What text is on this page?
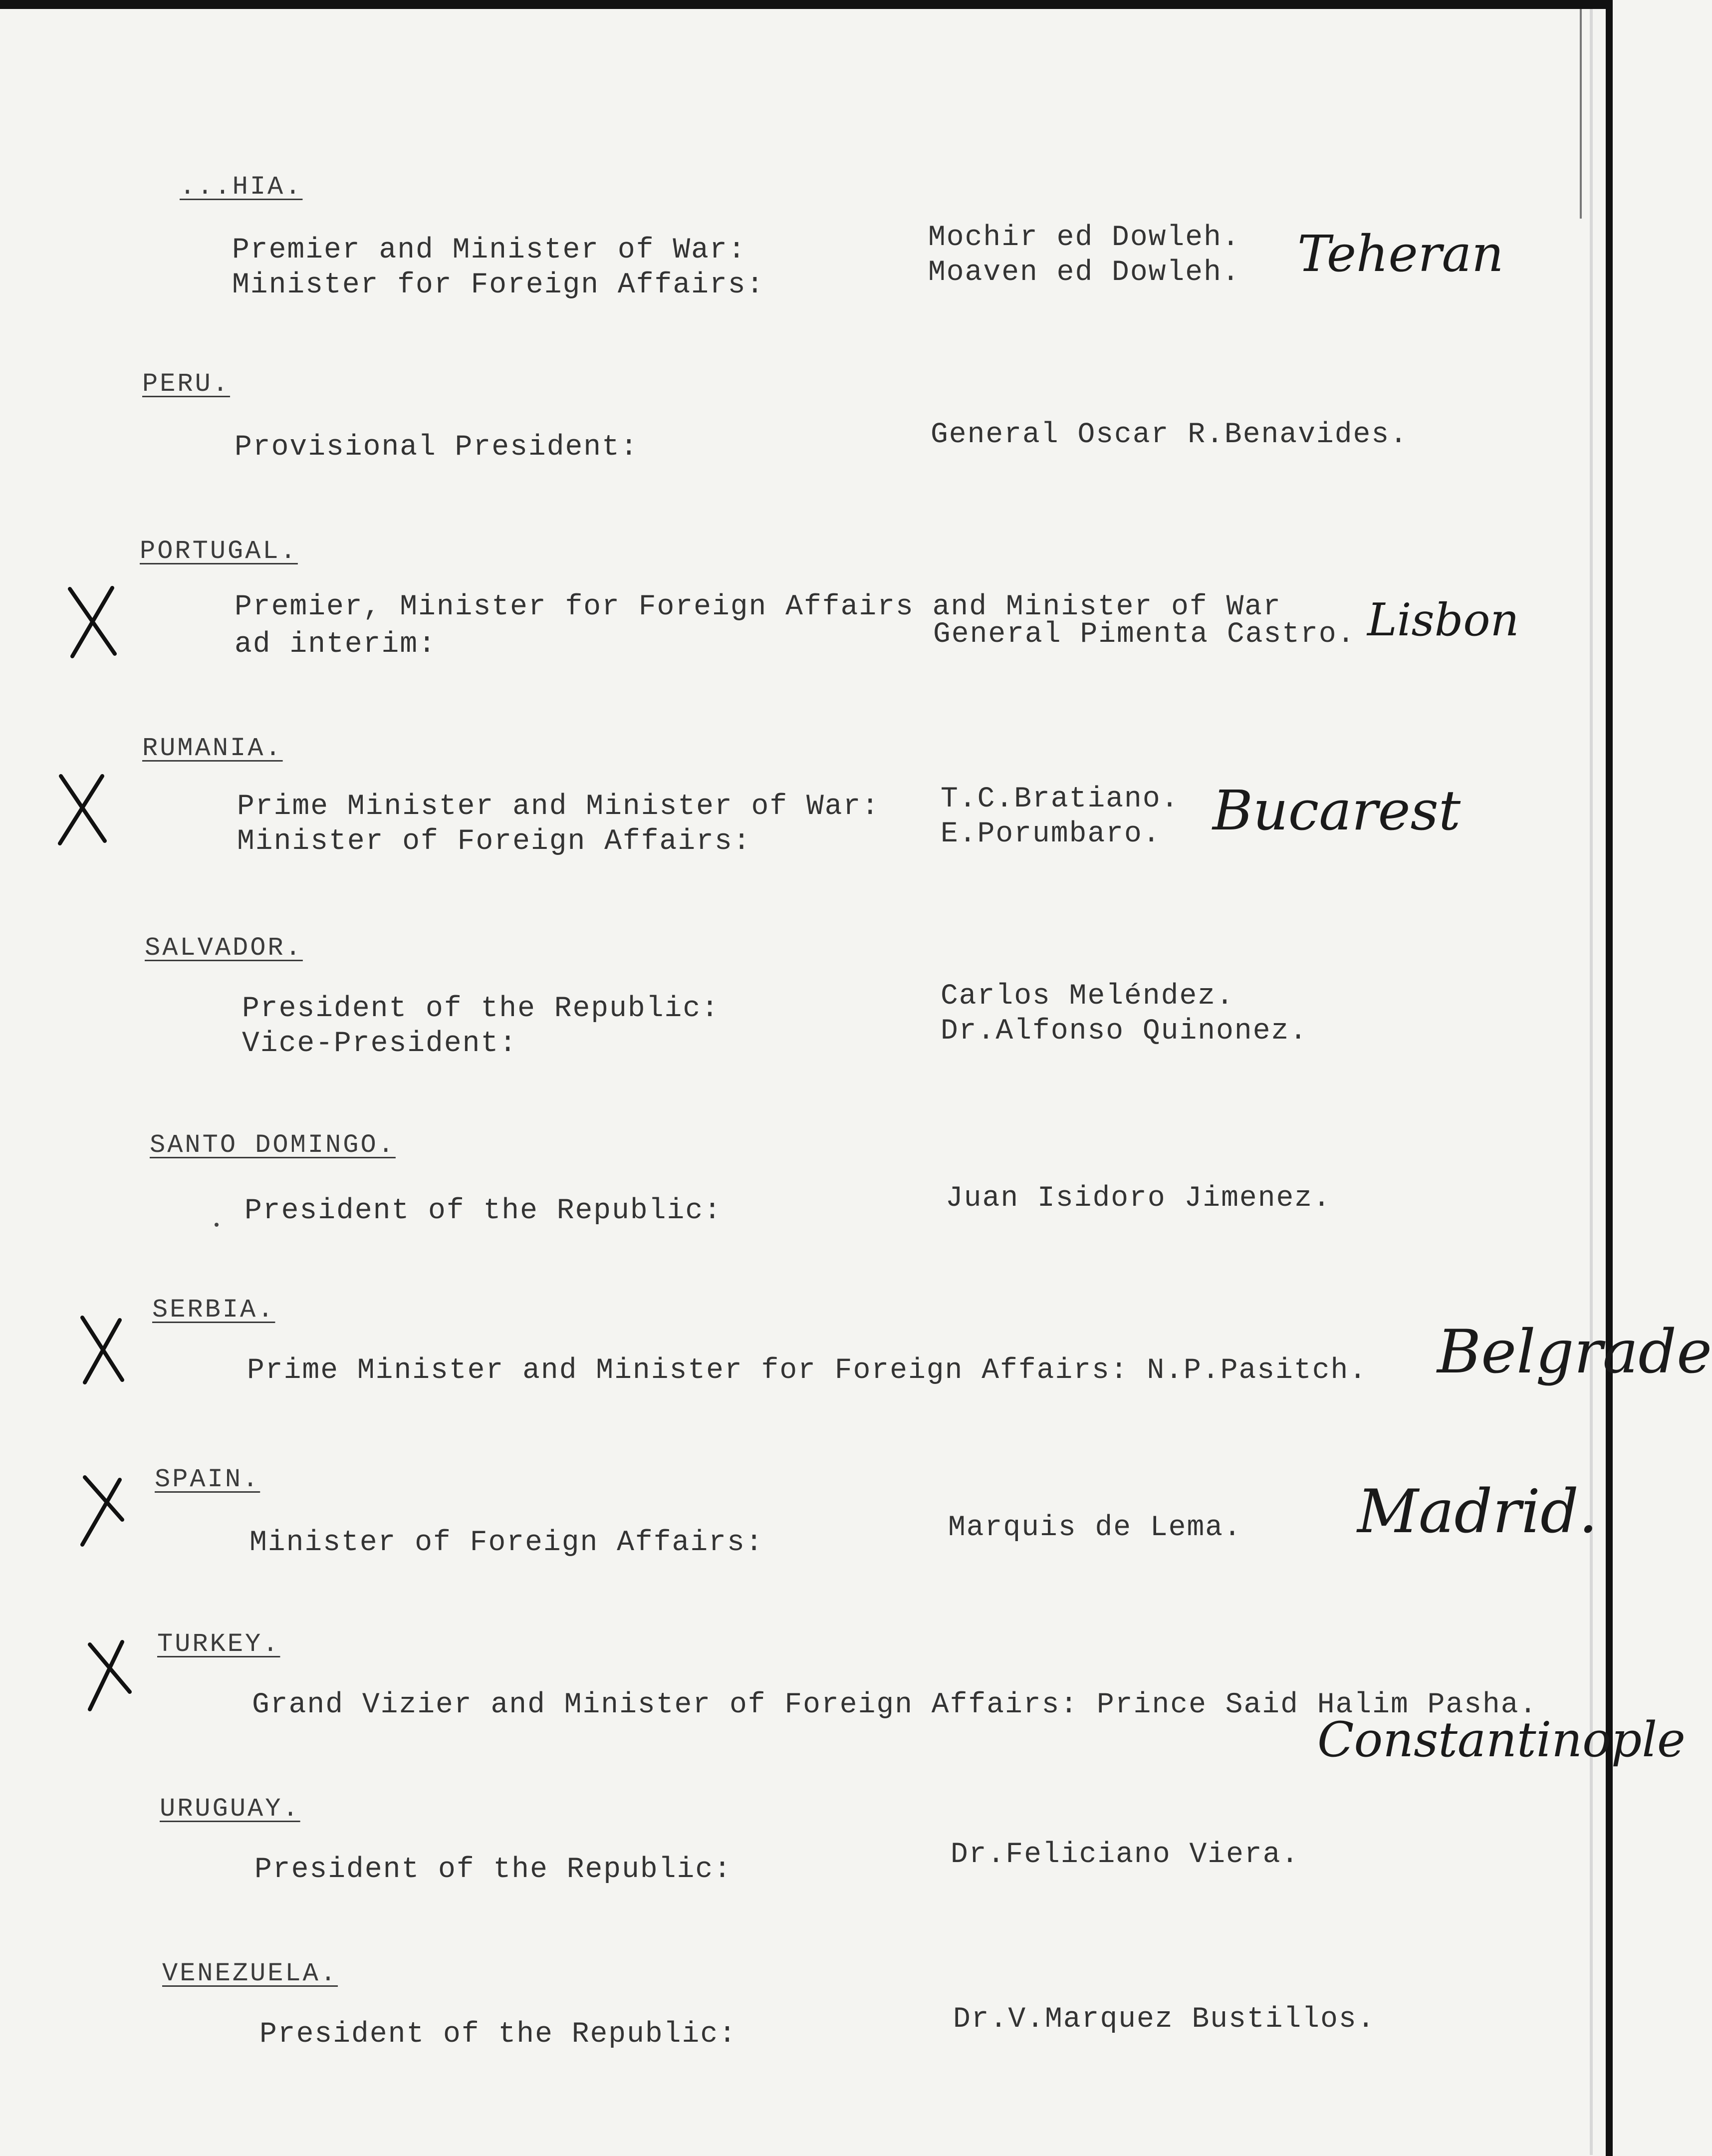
...HIA.
Premier and Minister of War:	Mochir ed Dowleh.
Minister for Foreign Affairs:	Moaven ed Dowleh. Teheran
PERU.
Provisional President:	General Oscar R.Benavides.
PORTUGAL.
Premier, Minister for Foreign Affairs and Minister of War
ad interim:	General Pimenta Castro. Lisbon
RUMANIA.
Prime Minister and Minister of War: T.C.Bratiano.
Minister of Foreign Affairs:	E.Porumbaro. Bucarest
SALVADOR.
President of the Republic:	Carlos Meléndez.
Vice-President:	Dr.Alfonso Quinonez.
SANTO DOMINGO.
President of the Republic:	Juan Isidoro Jimenez.
SERBIA.
Prime Minister and Minister for Foreign Affairs: N.P.Pasitch. Belgrade
SPAIN.
Minister of Foreign Affairs:	Marquis de Lema. Madrid.
TURKEY.
Grand Vizier and Minister of Foreign Affairs: Prince Said Halim Pasha.
Constantinople
URUGUAY.
President of the Republic:	Dr.Feliciano Viera.
VENEZUELA.
President of the Republic:	Dr.V.Marquez Bustillos.
